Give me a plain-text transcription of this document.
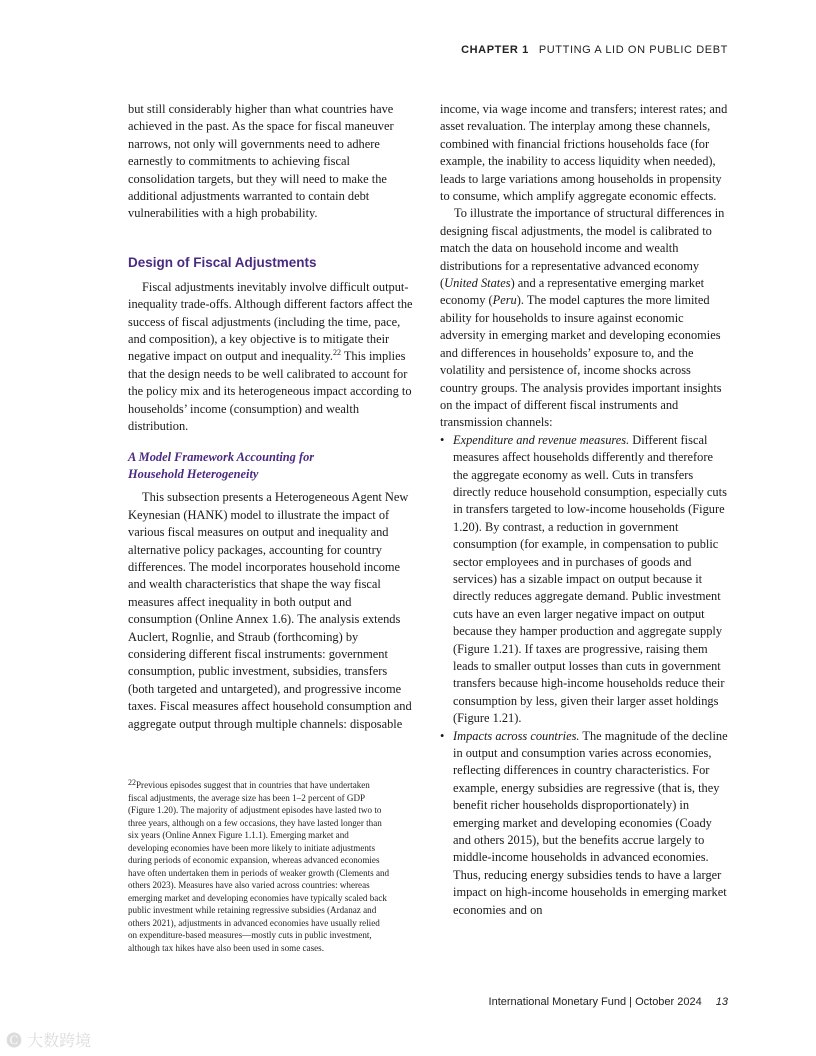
CHAPTER 1 PUTTING A LID ON PUBLIC DEBT

but still considerably higher than what countries have achieved in the past. As the space for fiscal maneuver narrows, not only will governments need to adhere earnestly to commitments to achieving fiscal consolidation targets, but they will need to make the additional adjustments warranted to contain debt vulnerabilities with a high probability.

Design of Fiscal Adjustments

Fiscal adjustments inevitably involve difficult output-inequality trade-offs. Although different factors affect the success of fiscal adjustments (including the time, pace, and composition), a key objective is to mitigate their negative impact on output and inequality.$^{22}$ This implies that the design needs to be well calibrated to account for the policy mix and its heterogeneous impact according to households’ income (consumption) and wealth distribution.

A Model Framework Accounting for
Household Heterogeneity

This subsection presents a Heterogeneous Agent New Keynesian (HANK) model to illustrate the impact of various fiscal measures on output and inequality and alternative policy packages, accounting for country differences. The model incorporates household income and wealth characteristics that shape the way fiscal measures affect inequality in both output and consumption (Online Annex 1.6). The analysis extends Auclert, Rognlie, and Straub (forthcoming) by considering different fiscal instruments: government consumption, public investment, subsidies, transfers (both targeted and untargeted), and progressive income taxes. Fiscal measures affect household consumption and aggregate output through multiple channels: disposable

22Previous episodes suggest that in countries that have undertaken fiscal adjustments, the average size has been 1–2 percent of GDP (Figure 1.20). The majority of adjustment episodes have lasted two to three years, although on a few occasions, they have lasted longer than six years (Online Annex Figure 1.1.1). Emerging market and developing economies have been more likely to initiate adjustments during periods of economic expansion, whereas advanced economies have often undertaken them in periods of weaker growth (Clements and others 2023). Measures have also varied across countries: whereas emerging market and developing economies have typically scaled back public investment while retaining regressive subsidies (Ardanaz and others 2021), adjustments in advanced economies have usually relied on expenditure-based measures—mostly cuts in public investment, although tax hikes have also been used in some cases.

income, via wage income and transfers; interest rates; and asset revaluation. The interplay among these channels, combined with financial frictions households face (for example, the inability to access liquidity when needed), leads to large variations among households in propensity to consume, which amplify aggregate economic effects.

To illustrate the importance of structural differences in designing fiscal adjustments, the model is calibrated to match the data on household income and wealth distributions for a representative advanced economy (United States) and a representative emerging market economy (Peru). The model captures the more limited ability for households to insure against economic adversity in emerging market and developing economies and differences in households’ exposure to, and the volatility and persistence of, income shocks across country groups. The analysis provides important insights on the impact of different fiscal instruments and transmission channels:

• Expenditure and revenue measures. Different fiscal measures affect households differently and therefore the aggregate economy as well. Cuts in transfers directly reduce household consumption, especially cuts in transfers targeted to low-income households (Figure 1.20). By contrast, a reduction in government consumption (for example, in compensation to public sector employees and in purchases of goods and services) has a sizable impact on output because it directly reduces aggregate demand. Public investment cuts have an even larger negative impact on output because they hamper production and aggregate supply (Figure 1.21). If taxes are progressive, raising them leads to smaller output losses than cuts in government transfers because high-income households reduce their consumption by less, given their larger asset holdings (Figure 1.21).
• Impacts across countries. The magnitude of the decline in output and consumption varies across economies, reflecting differences in country characteristics. For example, energy subsidies are regressive (that is, they benefit richer households disproportionately) in emerging market and developing economies (Coady and others 2015), but the benefits accrue largely to middle-income households in advanced economies. Thus, reducing energy subsidies tends to have a larger impact on high-income households in emerging market economies and on
International Monetary Fund | October 2024 13
🅒 大数跨境
